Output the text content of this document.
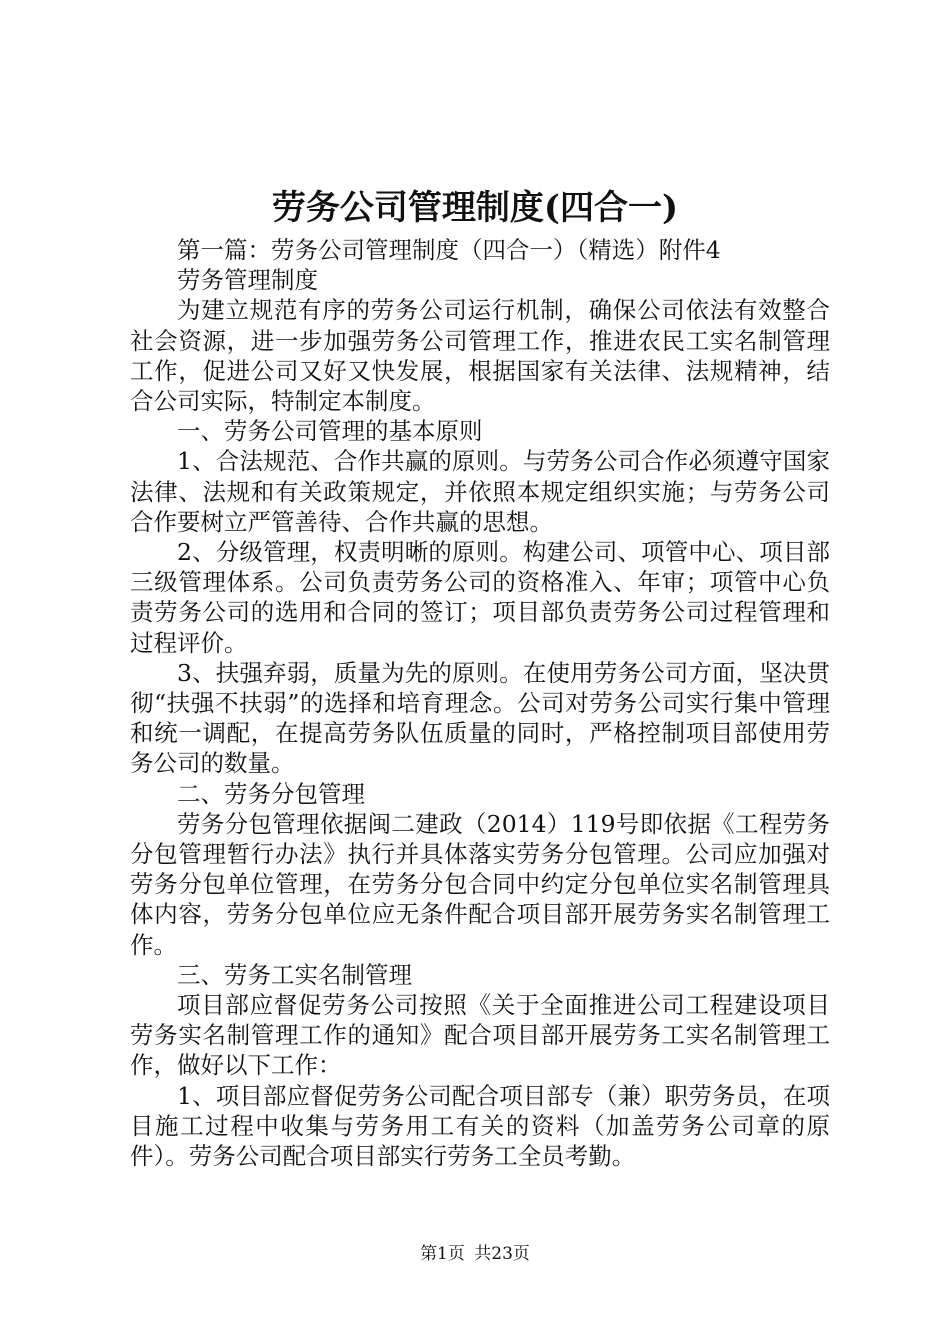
劳务公司管理制度(四合一)

第一篇：劳务公司管理制度（四合一）（精选）附件4

劳务管理制度

为建立规范有序的劳务公司运行机制，确保公司依法有效整合社会资源，进一步加强劳务公司管理工作，推进农民工实名制管理工作，促进公司又好又快发展，根据国家有关法律、法规精神，结合公司实际，特制定本制度。

一、劳务公司管理的基本原则

1、合法规范、合作共赢的原则。与劳务公司合作必须遵守国家法律、法规和有关政策规定，并依照本规定组织实施；与劳务公司合作要树立严管善待、合作共赢的思想。

2、分级管理，权责明晰的原则。构建公司、项管中心、项目部三级管理体系。公司负责劳务公司的资格准入、年审；项管中心负责劳务公司的选用和合同的签订；项目部负责劳务公司过程管理和过程评价。

3、扶强弃弱，质量为先的原则。在使用劳务公司方面，坚决贯彻“扶强不扶弱”的选择和培育理念。公司对劳务公司实行集中管理和统一调配，在提高劳务队伍质量的同时，严格控制项目部使用劳务公司的数量。

二、劳务分包管理

劳务分包管理依据闽二建政（2014）119号即依据《工程劳务分包管理暂行办法》执行并具体落实劳务分包管理。公司应加强对劳务分包单位管理，在劳务分包合同中约定分包单位实名制管理具体内容，劳务分包单位应无条件配合项目部开展劳务实名制管理工作。

三、劳务工实名制管理

项目部应督促劳务公司按照《关于全面推进公司工程建设项目劳务实名制管理工作的通知》配合项目部开展劳务工实名制管理工作，做好以下工作：

1、项目部应督促劳务公司配合项目部专（兼）职劳务员，在项目施工过程中收集与劳务用工有关的资料（加盖劳务公司章的原件）。劳务公司配合项目部实行劳务工全员考勤。

第1页 共23页
